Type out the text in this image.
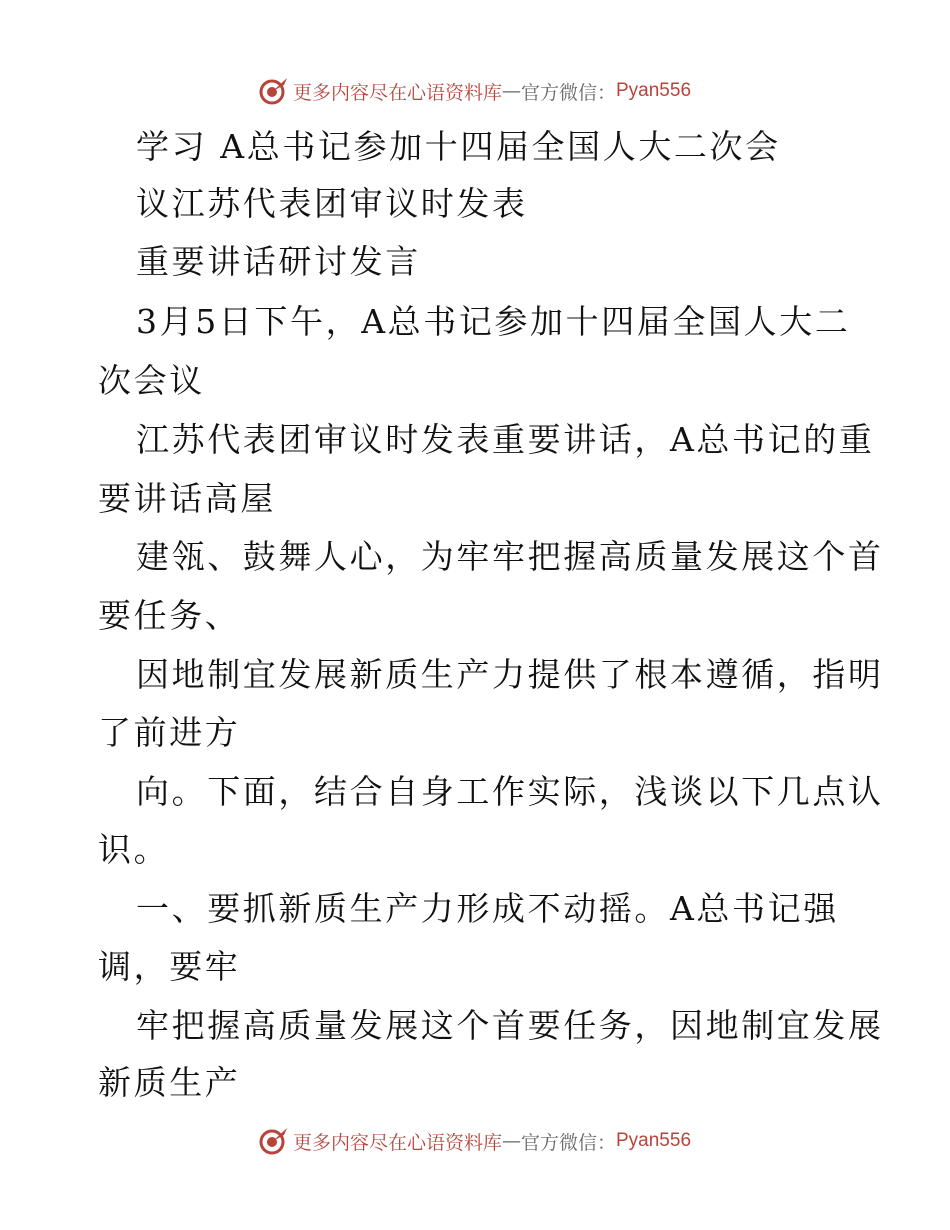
更多内容尽在心语资料库 — 官方微信： Pyan556
学习 A总书记参加十四届全国人大二次会
议江苏代表团审议时发表
重要讲话研讨发言
3月5日下午，A总书记参加十四届全国人大二
次会议
江苏代表团审议时发表重要讲话，A总书记的重
要讲话高屋
建瓴、鼓舞人心，为牢牢把握高质量发展这个首
要任务、
因地制宜发展新质生产力提供了根本遵循，指明
了前进方
向。下面，结合自身工作实际，浅谈以下几点认
识。
一、要抓新质生产力形成不动摇。A总书记强
调，要牢
牢把握高质量发展这个首要任务，因地制宜发展
新质生产
更多内容尽在心语资料库 — 官方微信： Pyan556
